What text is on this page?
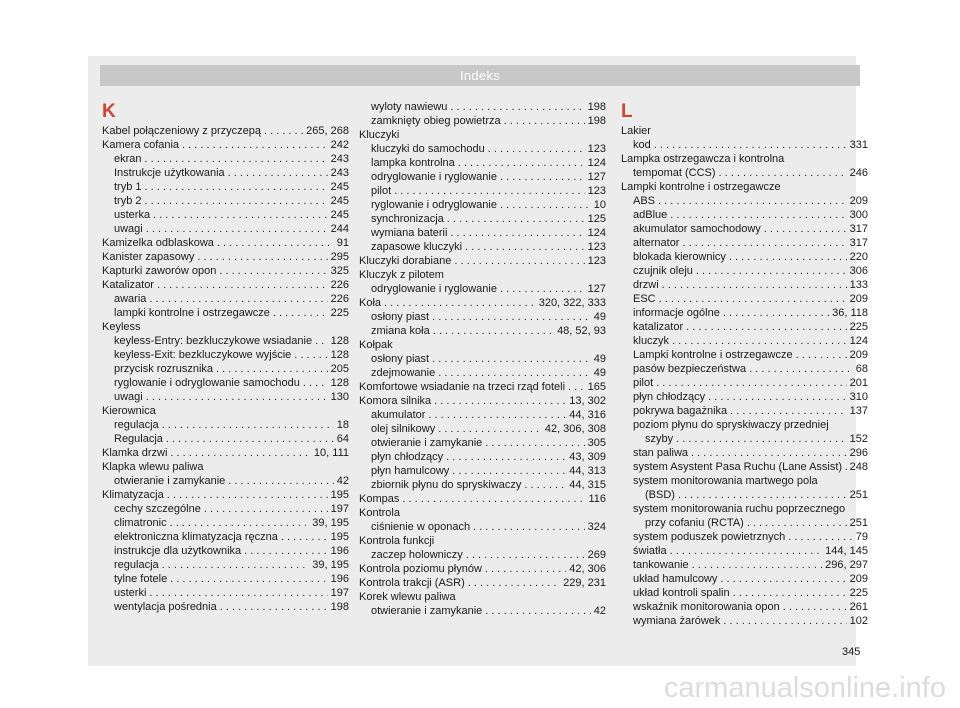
Indeks
K
Kabel połączeniowy z przyczepą . . .	265, 268
Kamera cofania . . .	242
ekran . . .	243
Instrukcje użytkowania . . .	243
tryb 1 . . .	245
tryb 2 . . .	245
usterka . . .	245
uwagi . . .	244
Kamizelka odblaskowa . . .	91
Kanister zapasowy . . .	295
Kapturki zaworów opon . . .	325
Katalizator . . .	226
awaria . . .	226
lampki kontrolne i ostrzegawcze . . .	225
Keyless
keyless-Entry: bezkluczykowe wsiadanie . . . 128
keyless-Exit: bezkluczykowe wyjście . . .	128
przycisk rozrusznika . . .	205
ryglowanie i odryglowanie samochodu . . .	128
uwagi . . .	130
Kierownica
regulacja . . .	18
Regulacja . . .	64
Klamka drzwi . . .	10, 111
Klapka wlewu paliwa
otwieranie i zamykanie . . .	42
Klimatyzacja . . .	195
cechy szczególne . . .	197
climatronic . . .	39, 195
elektroniczna klimatyzacja ręczna . . .	195
instrukcje dla użytkownika . . .	196
regulacja . . .	39, 195
tylne fotele . . .	196
usterki . . .	197
wentylacja pośrednia . . .	198
wyloty nawiewu . . .	198
zamknięty obieg powietrza . . .	198
Kluczyki
kluczyki do samochodu . . .	123
lampka kontrolna . . .	124
odryglowanie i ryglowanie . . .	127
pilot . . .	123
ryglowanie i odryglowanie . . .	10
synchronizacja . . .	125
wymiana baterii . . .	124
zapasowe kluczyki . . .	123
Kluczyki dorabiane . . .	123
Kluczyk z pilotem
odryglowanie i ryglowanie . . .	127
Koła . . .	320, 322, 333
osłony piast . . .	49
zmiana koła . . .	48, 52, 93
Kołpak
osłony piast . . .	49
zdejmowanie . . .	49
Komfortowe wsiadanie na trzeci rząd foteli . . . 165
Komora silnika . . .	13, 302
akumulator . . .	44, 316
olej silnikowy . . .	42, 306, 308
otwieranie i zamykanie . . .	305
płyn chłodzący . . .	43, 309
płyn hamulcowy . . .	44, 313
zbiornik płynu do spryskiwaczy . . .	44, 315
Kompas . . .	116
Kontrola
ciśnienie w oponach . . .	324
Kontrola funkcji
zaczep holowniczy . . .	269
Kontrola poziomu płynów . . .	42, 306
Kontrola trakcji (ASR) . . .	229, 231
Korek wlewu paliwa
otwieranie i zamykanie . . .	42
L
Lakier
kod . . .	331
Lampka ostrzegawcza i kontrolna
tempomat (CCS) . . .	246
Lampki kontrolne i ostrzegawcze
ABS . . .	209
adBlue . . .	300
akumulator samochodowy . . .	317
alternator . . .	317
blokada kierownicy . . .	220
czujnik oleju . . .	306
drzwi . . .	133
ESC . . .	209
informacje ogólne . . .	36, 118
katalizator . . .	225
kluczyk . . .	124
Lampki kontrolne i ostrzegawcze . . .	209
pasów bezpieczeństwa . . .	68
pilot . . .	201
płyn chłodzący . . .	310
pokrywa bagażnika . . .	137
poziom płynu do spryskiwaczy przedniej
szyby . . .	152
stan paliwa . . .	296
system Asystent Pasa Ruchu (Lane Assist) . . . 248
system monitorowania martwego pola
(BSD) . . .	251
system monitorowania ruchu poprzecznego
przy cofaniu (RCTA) . . .	251
system poduszek powietrznych . . .	79
światła . . .	144, 145
tankowanie . . .	296, 297
układ hamulcowy . . .	209
układ kontroli spalin . . .	225
wskaźnik monitorowania opon . . .	261
wymiana żarówek . . .	102
345
carmanualsonline.info
